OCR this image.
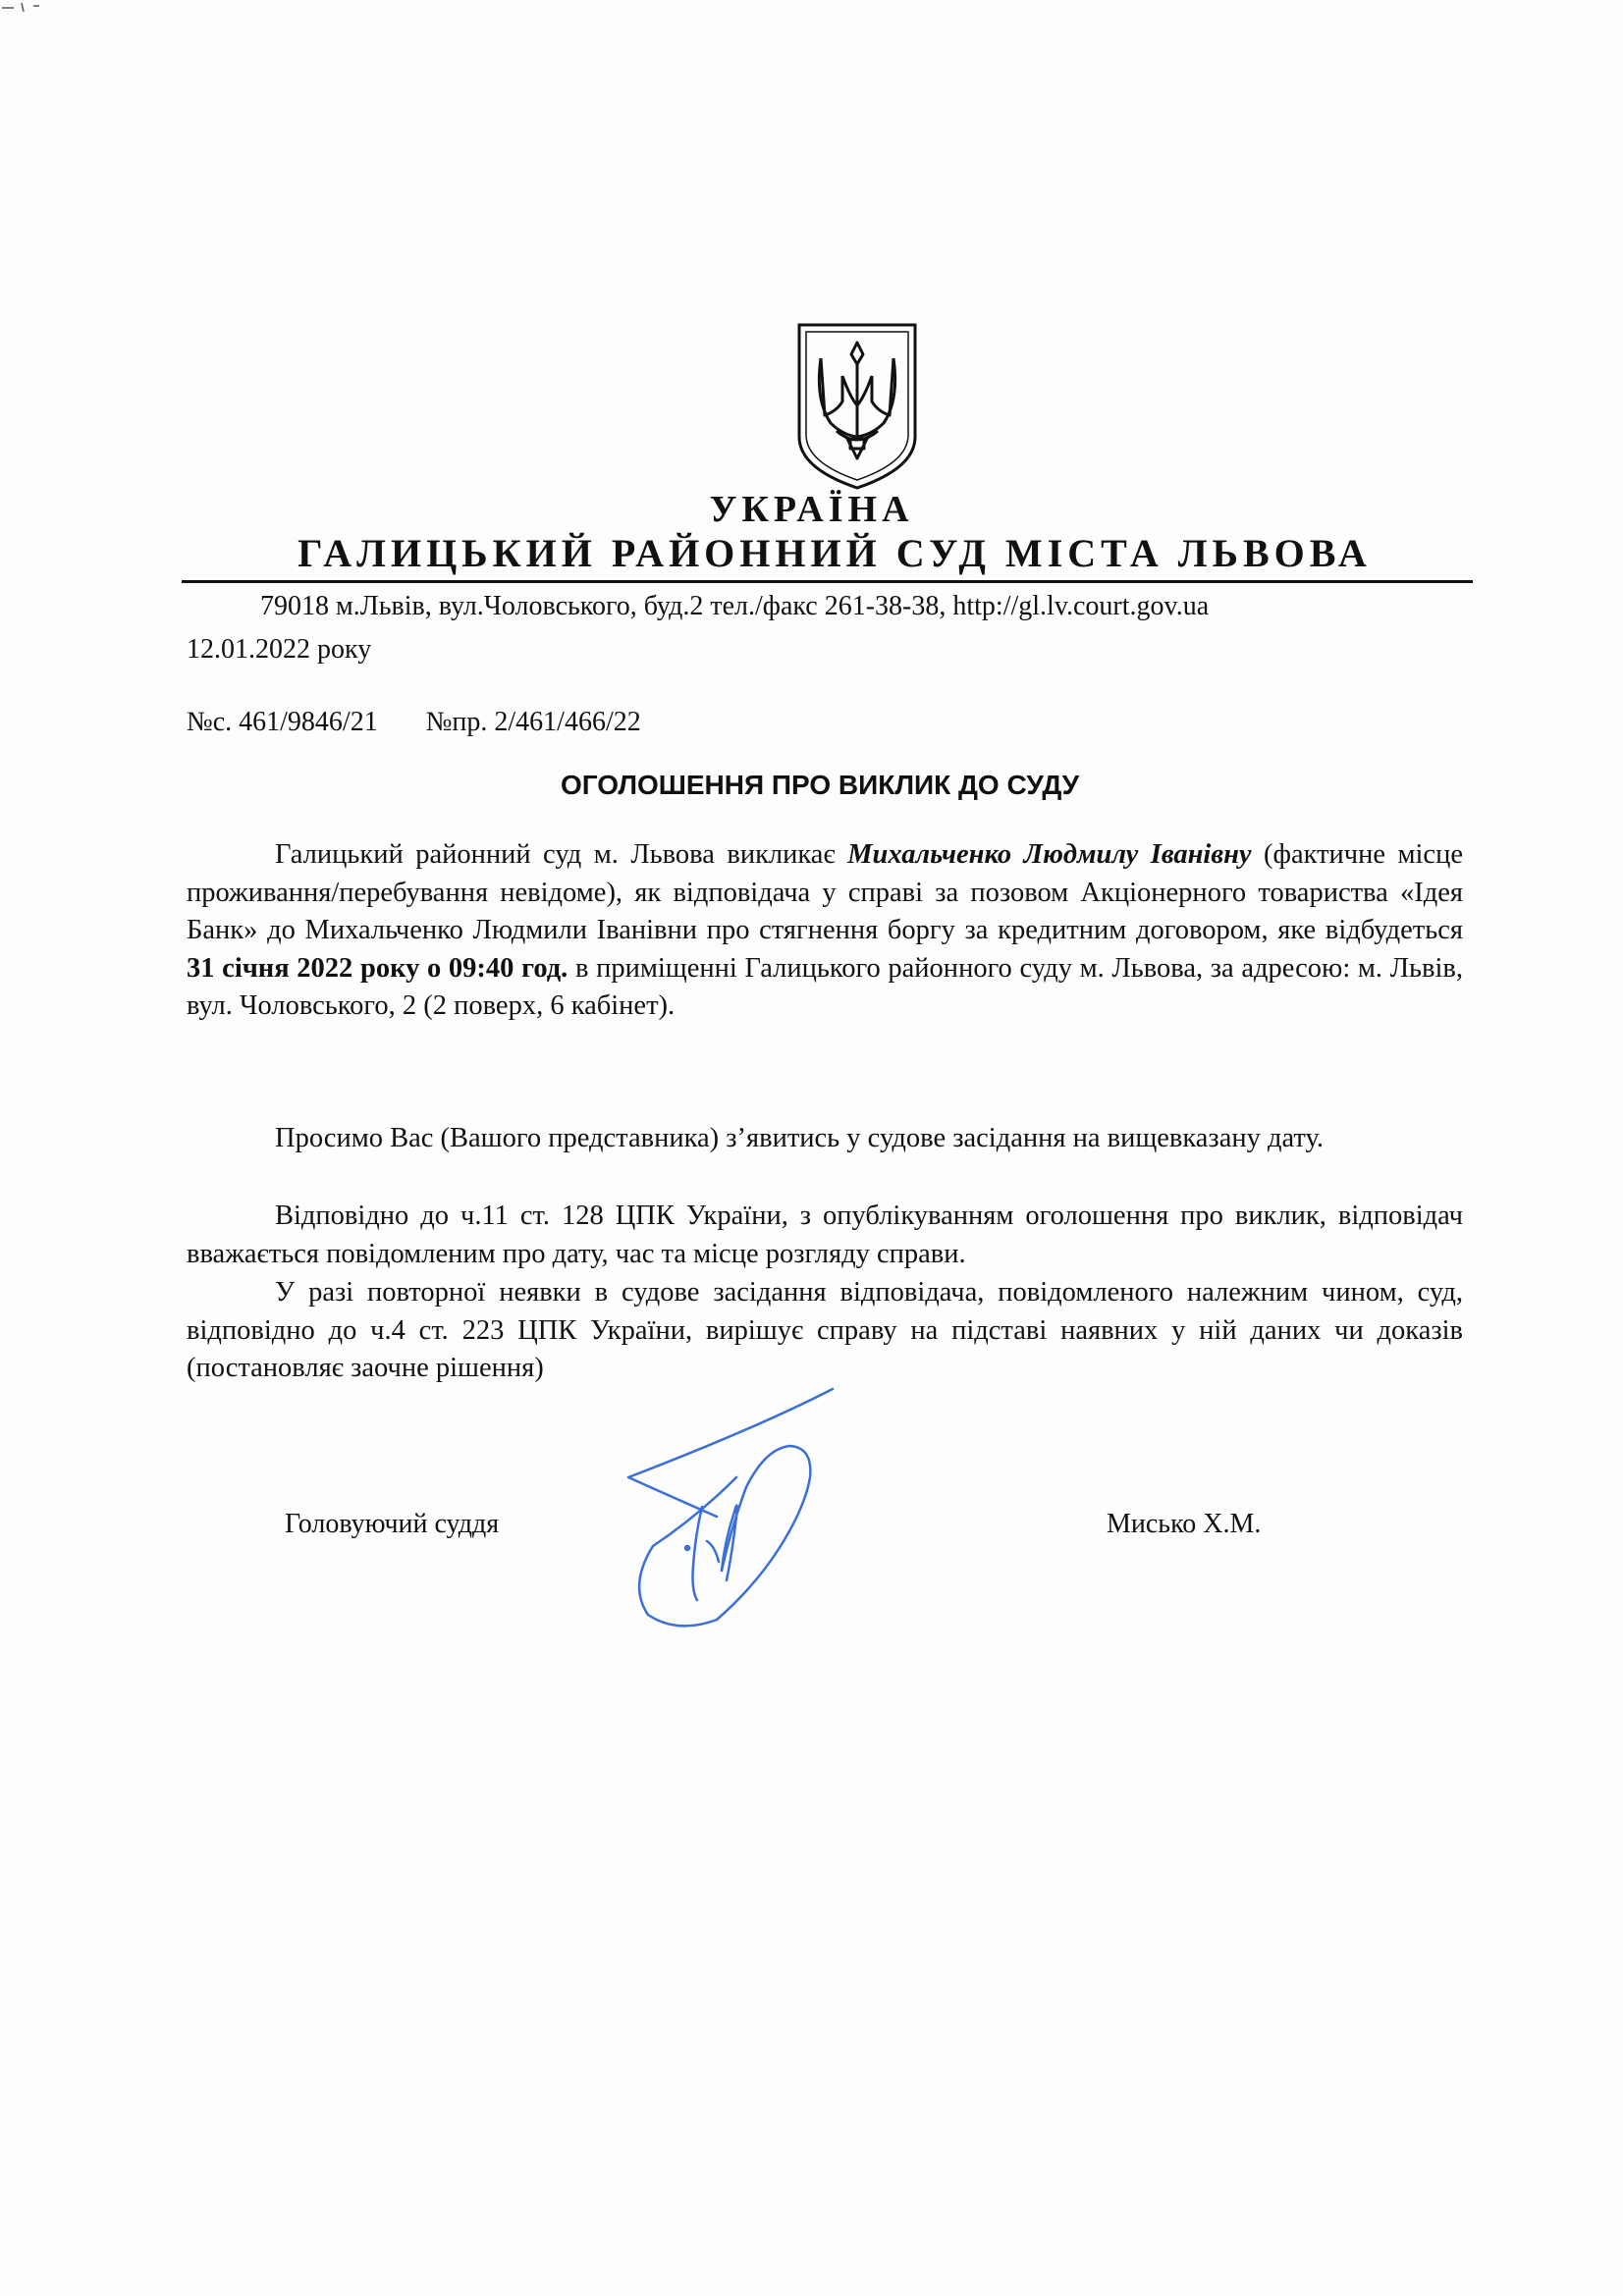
УКРАЇНА
ГАЛИЦЬКИЙ РАЙОННИЙ СУД МІСТА ЛЬВОВА
79018 м.Львів, вул.Чоловського, буд.2 тел./факс 261-38-38, http://gl.lv.court.gov.ua
12.01.2022 року
№с. 461/9846/21 №пр. 2/461/466/22
ОГОЛОШЕННЯ ПРО ВИКЛИК ДО СУДУ

Галицький районний суд м. Львова викликає Михальченко Людмилу Іванівну (фактичне місце проживання/перебування невідоме), як відповідача у справі за позовом Акціонерного товариства «Ідея Банк» до Михальченко Людмили Іванівни про стягнення боргу за кредитним договором, яке відбудеться 31 січня 2022 року о 09:40 год. в приміщенні Галицького районного суду м. Львова, за адресою: м. Львів, вул. Чоловського, 2 (2 поверх, 6 кабінет).

Просимо Вас (Вашого представника) з’явитись у судове засідання на вищевказану дату.

Відповідно до ч.11 ст. 128 ЦПК України, з опублікуванням оголошення про виклик, відповідач вважається повідомленим про дату, час та місце розгляду справи.

У разі повторної неявки в судове засідання відповідача, повідомленого належним чином, суд, відповідно до ч.4 ст. 223 ЦПК України, вирішує справу на підставі наявних у ній даних чи доказів (постановляє заочне рішення)

Головуючий суддя	Мисько Х.М.
